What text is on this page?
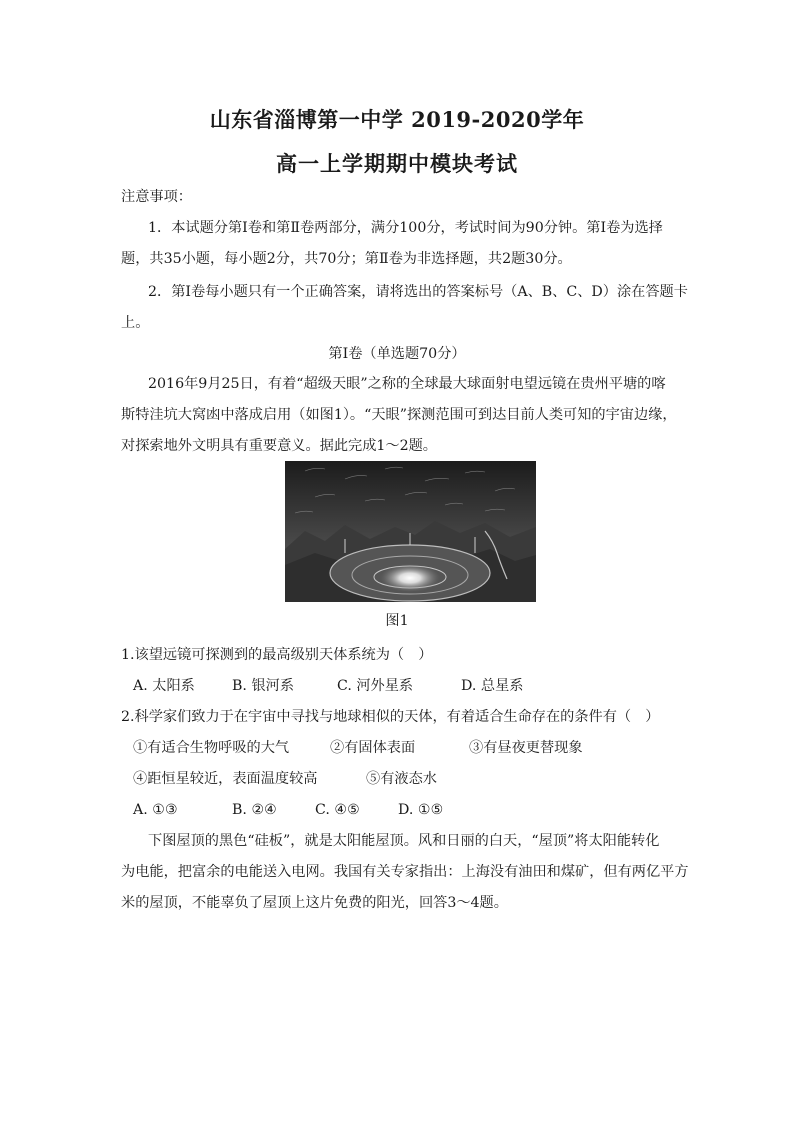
山东省淄博第一中学 2019-2020学年
高一上学期期中模块考试
注意事项：
1．本试题分第Ⅰ卷和第Ⅱ卷两部分，满分100分，考试时间为90分钟。第Ⅰ卷为选择
题，共35小题，每小题2分，共70分；第Ⅱ卷为非选择题，共2题30分。
2．第Ⅰ卷每小题只有一个正确答案，请将选出的答案标号（A、B、C、D）涂在答题卡
上。
第Ⅰ卷（单选题70分）
2016年9月25日，有着“超级天眼”之称的全球最大球面射电望远镜在贵州平塘的喀
斯特洼坑大窝凼中落成启用（如图1）。“天眼”探测范围可到达目前人类可知的宇宙边缘，
对探索地外文明具有重要意义。据此完成1～2题。
图1
1.该望远镜可探测到的最高级别天体系统为（　）
A. 太阳系	B. 银河系	C. 河外星系	D. 总星系
2.科学家们致力于在宇宙中寻找与地球相似的天体，有着适合生命存在的条件有（　）
①有适合生物呼吸的大气	②有固体表面	③有昼夜更替现象
④距恒星较近，表面温度较高	⑤有液态水
A. ①③	B. ②④	C. ④⑤	D. ①⑤
下图屋顶的黑色“硅板”，就是太阳能屋顶。风和日丽的白天，“屋顶”将太阳能转化
为电能，把富余的电能送入电网。我国有关专家指出：上海没有油田和煤矿，但有两亿平方
米的屋顶，不能辜负了屋顶上这片免费的阳光，回答3～4题。
